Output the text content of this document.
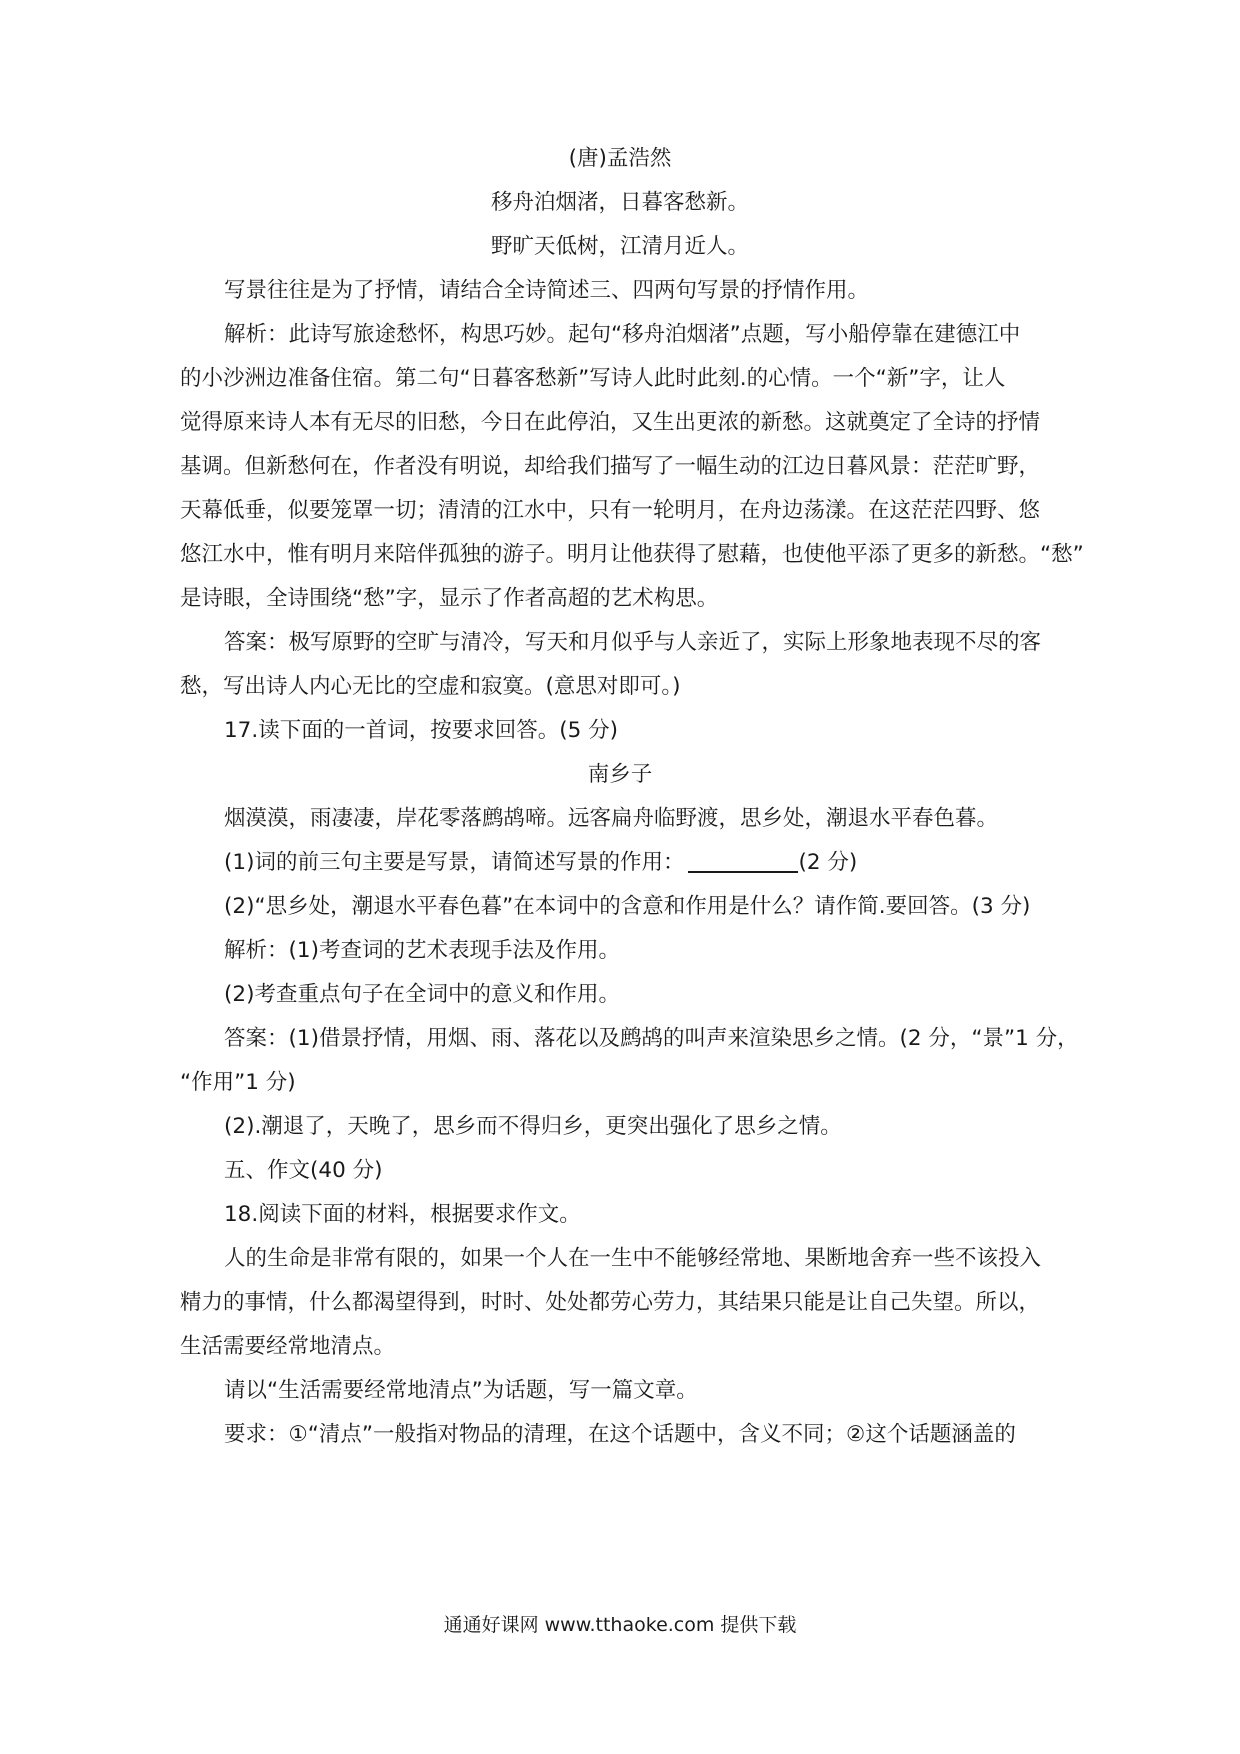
(唐)孟浩然
移舟泊烟渚，日暮客愁新。
野旷天低树，江清月近人。
写景往往是为了抒情，请结合全诗简述三、四两句写景的抒情作用。
解析：此诗写旅途愁怀，构思巧妙。起句“移舟泊烟渚”点题，写小船停靠在建德江中
的小沙洲边准备住宿。第二句“日暮客愁新”写诗人此时此刻.的心情。一个“新”字，让人
觉得原来诗人本有无尽的旧愁，今日在此停泊，又生出更浓的新愁。这就奠定了全诗的抒情
基调。但新愁何在，作者没有明说，却给我们描写了一幅生动的江边日暮风景：茫茫旷野，
天幕低垂，似要笼罩一切；清清的江水中，只有一轮明月，在舟边荡漾。在这茫茫四野、悠
悠江水中，惟有明月来陪伴孤独的游子。明月让他获得了慰藉，也使他平添了更多的新愁。“愁”
是诗眼，全诗围绕“愁”字，显示了作者高超的艺术构思。
答案：极写原野的空旷与清冷，写天和月似乎与人亲近了，实际上形象地表现不尽的客
愁，写出诗人内心无比的空虚和寂寞。(意思对即可。)
17.读下面的一首词，按要求回答。(5 分)
南乡子
烟漠漠，雨凄凄，岸花零落鹧鸪啼。远客扁舟临野渡，思乡处，潮退水平春色暮。
(1)词的前三句主要是写景，请简述写景的作用：	(2 分)
(2)“思乡处，潮退水平春色暮”在本词中的含意和作用是什么？请作简.要回答。(3 分)
解析：(1)考查词的艺术表现手法及作用。
(2)考查重点句子在全词中的意义和作用。
答案：(1)借景抒情，用烟、雨、落花以及鹧鸪的叫声来渲染思乡之情。(2 分，“景”1 分，
“作用”1 分)
(2).潮退了，天晚了，思乡而不得归乡，更突出强化了思乡之情。
五、作文(40 分)
18.阅读下面的材料，根据要求作文。
人的生命是非常有限的，如果一个人在一生中不能够经常地、果断地舍弃一些不该投入
精力的事情，什么都渴望得到，时时、处处都劳心劳力，其结果只能是让自己失望。所以，
生活需要经常地清点。
请以“生活需要经常地清点”为话题，写一篇文章。
要求：①“清点”一般指对物品的清理，在这个话题中，含义不同；②这个话题涵盖的
通通好课网 www.tthaoke.com 提供下载
